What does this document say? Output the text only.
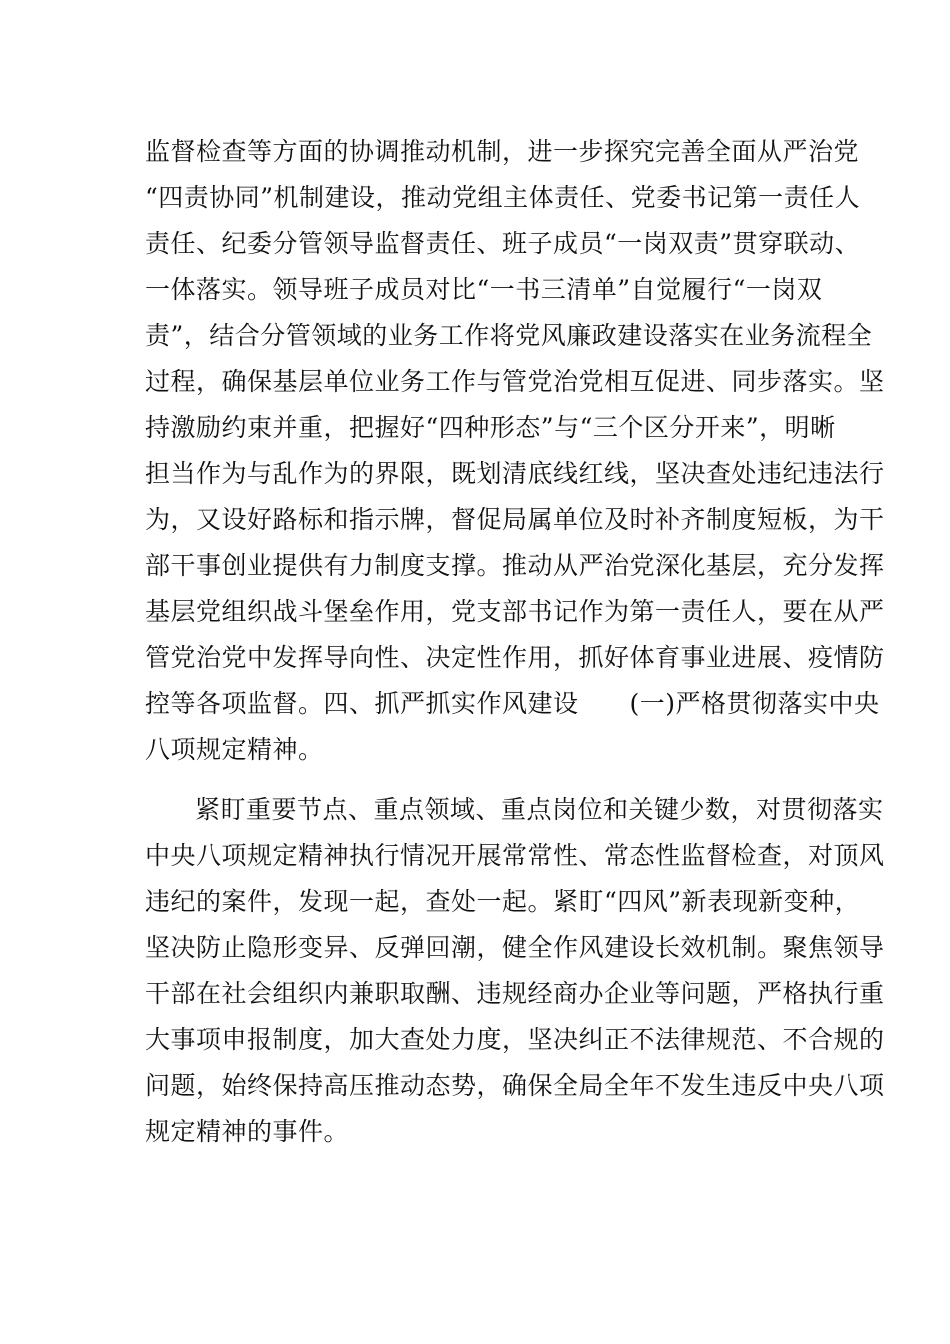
监督检查等方面的协调推动机制，进一步探究完善全面从严治党

“四责协同”机制建设，推动党组主体责任、党委书记第一责任人

责任、纪委分管领导监督责任、班子成员“一岗双责”贯穿联动、

一体落实。领导班子成员对比“一书三清单”自觉履行“一岗双

责”，结合分管领域的业务工作将党风廉政建设落实在业务流程全

过程，确保基层单位业务工作与管党治党相互促进、同步落实。坚

持激励约束并重，把握好“四种形态”与“三个区分开来”，明晰

担当作为与乱作为的界限，既划清底线红线，坚决查处违纪违法行

为，又设好路标和指示牌，督促局属单位及时补齐制度短板，为干

部干事创业提供有力制度支撑。推动从严治党深化基层，充分发挥

基层党组织战斗堡垒作用，党支部书记作为第一责任人，要在从严

管党治党中发挥导向性、决定性作用，抓好体育事业进展、疫情防

控等各项监督。四、抓严抓实作风建设　　(一)严格贯彻落实中央

八项规定精神。

紧盯重要节点、重点领域、重点岗位和关键少数，对贯彻落实

中央八项规定精神执行情况开展常常性、常态性监督检查，对顶风

违纪的案件，发现一起，查处一起。紧盯“四风”新表现新变种，

坚决防止隐形变异、反弹回潮，健全作风建设长效机制。聚焦领导

干部在社会组织内兼职取酬、违规经商办企业等问题，严格执行重

大事项申报制度，加大查处力度，坚决纠正不法律规范、不合规的

问题，始终保持高压推动态势，确保全局全年不发生违反中央八项

规定精神的事件。
